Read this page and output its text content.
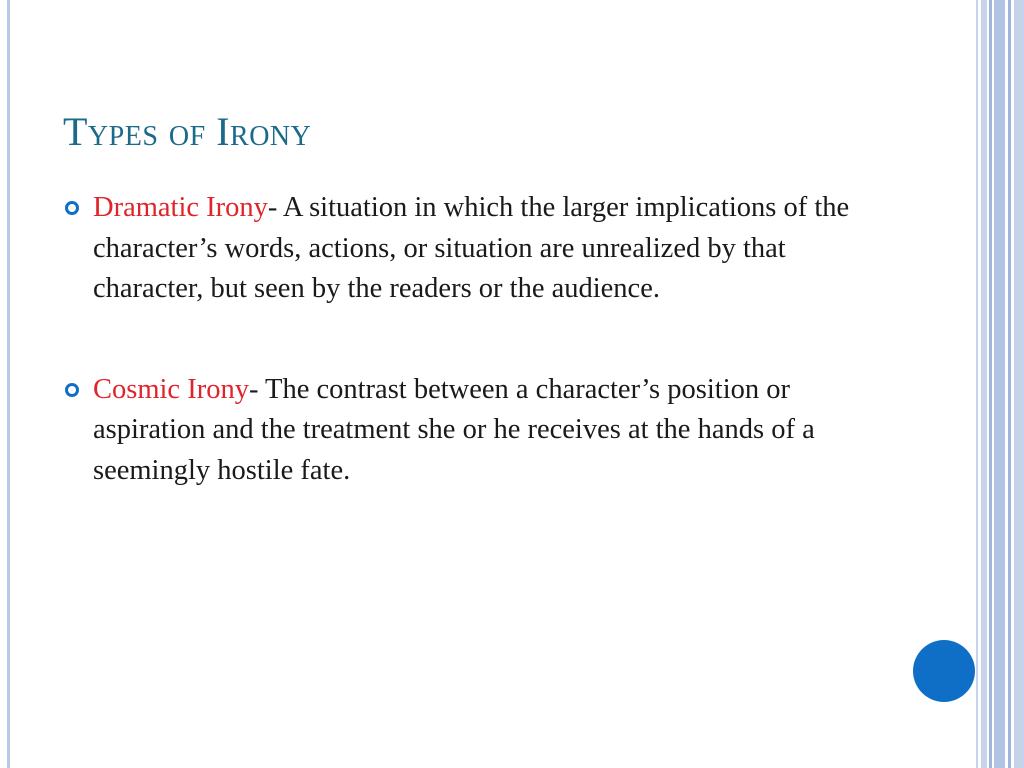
Types of Irony
Dramatic Irony- A situation in which the larger implications of the character’s words, actions, or situation are unrealized by that character, but seen by the readers or the audience.
Cosmic Irony- The contrast between a character’s position or aspiration and the treatment she or he receives at the hands of a seemingly hostile fate.
